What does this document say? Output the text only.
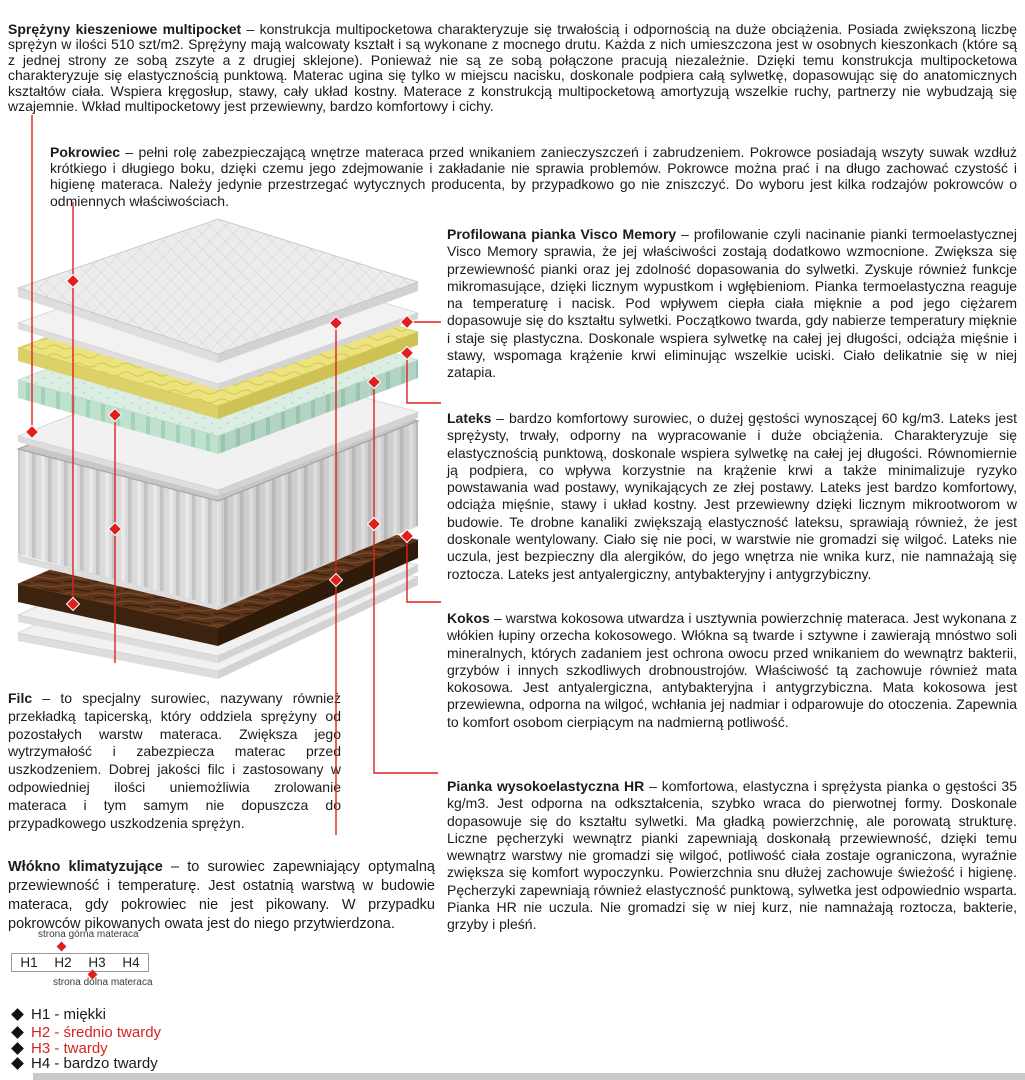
Sprężyny kieszeniowe multipocket – konstrukcja multipocketowa charakteryzuje się trwałością i odpornością na duże obciążenia. Posiada zwiększoną liczbę sprężyn w ilości 510 szt/m2. Sprężyny mają walcowaty kształt i są wykonane z mocnego drutu. Każda z nich umieszczona jest w osobnych kieszonkach (które są z jednej strony ze sobą zszyte a z drugiej sklejone). Ponieważ nie są ze sobą połączone pracują niezależnie. Dzięki temu konstrukcja multipocketowa charakteryzuje się elastycznością punktową. Materac ugina się tylko w miejscu nacisku, doskonale podpiera całą sylwetkę, dopasowując się do anatomicznych kształtów ciała. Wspiera kręgosłup, stawy, cały układ kostny. Materace z konstrukcją multipocketową amortyzują wszelkie ruchy, partnerzy nie wybudzają się wzajemnie. Wkład multipocketowy jest przewiewny, bardzo komfortowy i cichy.

Pokrowiec – pełni rolę zabezpieczającą wnętrze materaca przed wnikaniem zanieczyszczeń i zabrudzeniem. Pokrowce posiadają wszyty suwak wzdłuż krótkiego i długiego boku, dzięki czemu jego zdejmowanie i zakładanie nie sprawia problemów. Pokrowce można prać i na długo zachować czystość i higienę materaca. Należy jedynie przestrzegać wytycznych producenta, by przypadkowo go nie zniszczyć. Do wyboru jest kilka rodzajów pokrowców o odmiennych właściwościach.

Profilowana pianka Visco Memory – profilowanie czyli nacinanie pianki termoelastycznej Visco Memory sprawia, że jej właściwości zostają dodatkowo wzmocnione. Zwiększa się przewiewność pianki oraz jej zdolność dopasowania do sylwetki. Zyskuje również funkcje mikromasujące, dzięki licznym wypustkom i wgłębieniom. Pianka termoelastyczna reaguje na temperaturę i nacisk. Pod wpływem ciepła ciała mięknie a pod jego ciężarem dopasowuje się do kształtu sylwetki. Początkowo twarda, gdy nabierze temperatury mięknie i staje się plastyczna. Doskonale wspiera sylwetkę na całej jej długości, odciąża mięśnie i stawy, wspomaga krążenie krwi eliminując wszelkie uciski. Ciało delikatnie się w niej zatapia.

Lateks – bardzo komfortowy surowiec, o dużej gęstości wynoszącej 60 kg/m3. Lateks jest sprężysty, trwały, odporny na wypracowanie i duże obciążenia. Charakteryzuje się elastycznością punktową, doskonale wspiera sylwetkę na całej jej długości. Równomiernie ją podpiera, co wpływa korzystnie na krążenie krwi a także minimalizuje ryzyko powstawania wad postawy, wynikających ze złej postawy. Lateks jest bardzo komfortowy, odciąża mięśnie, stawy i układ kostny. Jest przewiewny dzięki licznym mikrootworom w budowie. Te drobne kanaliki zwiększają elastyczność lateksu, sprawiają również, że jest doskonale wentylowany. Ciało się nie poci, w warstwie nie gromadzi się wilgoć. Lateks nie uczula, jest bezpieczny dla alergików, do jego wnętrza nie wnika kurz, nie namnażają się roztocza. Lateks jest antyalergiczny, antybakteryjny i antygrzybiczny.

Kokos – warstwa kokosowa utwardza i usztywnia powierzchnię materaca. Jest wykonana z włókien łupiny orzecha kokosowego. Włókna są twarde i sztywne i zawierają mnóstwo soli mineralnych, których zadaniem jest ochrona owocu przed wnikaniem do wewnątrz bakterii, grzybów i innych szkodliwych drobnoustrojów. Właściwość tą zachowuje również mata kokosowa. Jest antyalergiczna, antybakteryjna i antygrzybiczna. Mata kokosowa jest przewiewna, odporna na wilgoć, wchłania jej nadmiar i odparowuje do otoczenia. Zapewnia to komfort osobom cierpiącym na nadmierną potliwość.

Pianka wysokoelastyczna HR – komfortowa, elastyczna i sprężysta pianka o gęstości 35 kg/m3. Jest odporna na odkształcenia, szybko wraca do pierwotnej formy. Doskonale dopasowuje się do kształtu sylwetki. Ma gładką powierzchnię, ale porowatą strukturę. Liczne pęcherzyki wewnątrz pianki zapewniają doskonałą przewiewność, dzięki temu wewnątrz warstwy nie gromadzi się wilgoć, potliwość ciała zostaje ograniczona, wyraźnie zwiększa się komfort wypoczynku. Powierzchnia snu dłużej zachowuje świeżość i higienę. Pęcherzyki zapewniają również elastyczność punktową, sylwetka jest odpowiednio wsparta. Pianka HR nie uczula. Nie gromadzi się w niej kurz, nie namnażają roztocza, bakterie, grzyby i pleśń.

Filc – to specjalny surowiec, nazywany również przekładką tapicerską, który oddziela sprężyny od pozostałych warstw materaca. Zwiększa jego wytrzymałość i zabezpiecza materac przed uszkodzeniem. Dobrej jakości filc i zastosowany w odpowiedniej ilości uniemożliwia zrolowanie materaca i tym samym nie dopuszcza do przypadkowego uszkodzenia sprężyn.

Włókno klimatyzujące – to surowiec zapewniający optymalną przewiewność i temperaturę. Jest ostatnią warstwą w budowie materaca, gdy pokrowiec nie jest pikowany. W przypadku pokrowców pikowanych owata jest do niego przytwierdzona.

strona górna materaca
H1	H2	H3	H4
strona dolna materaca
H1 - miękki
H2 - średnio twardy
H3 - twardy
H4 - bardzo twardy
